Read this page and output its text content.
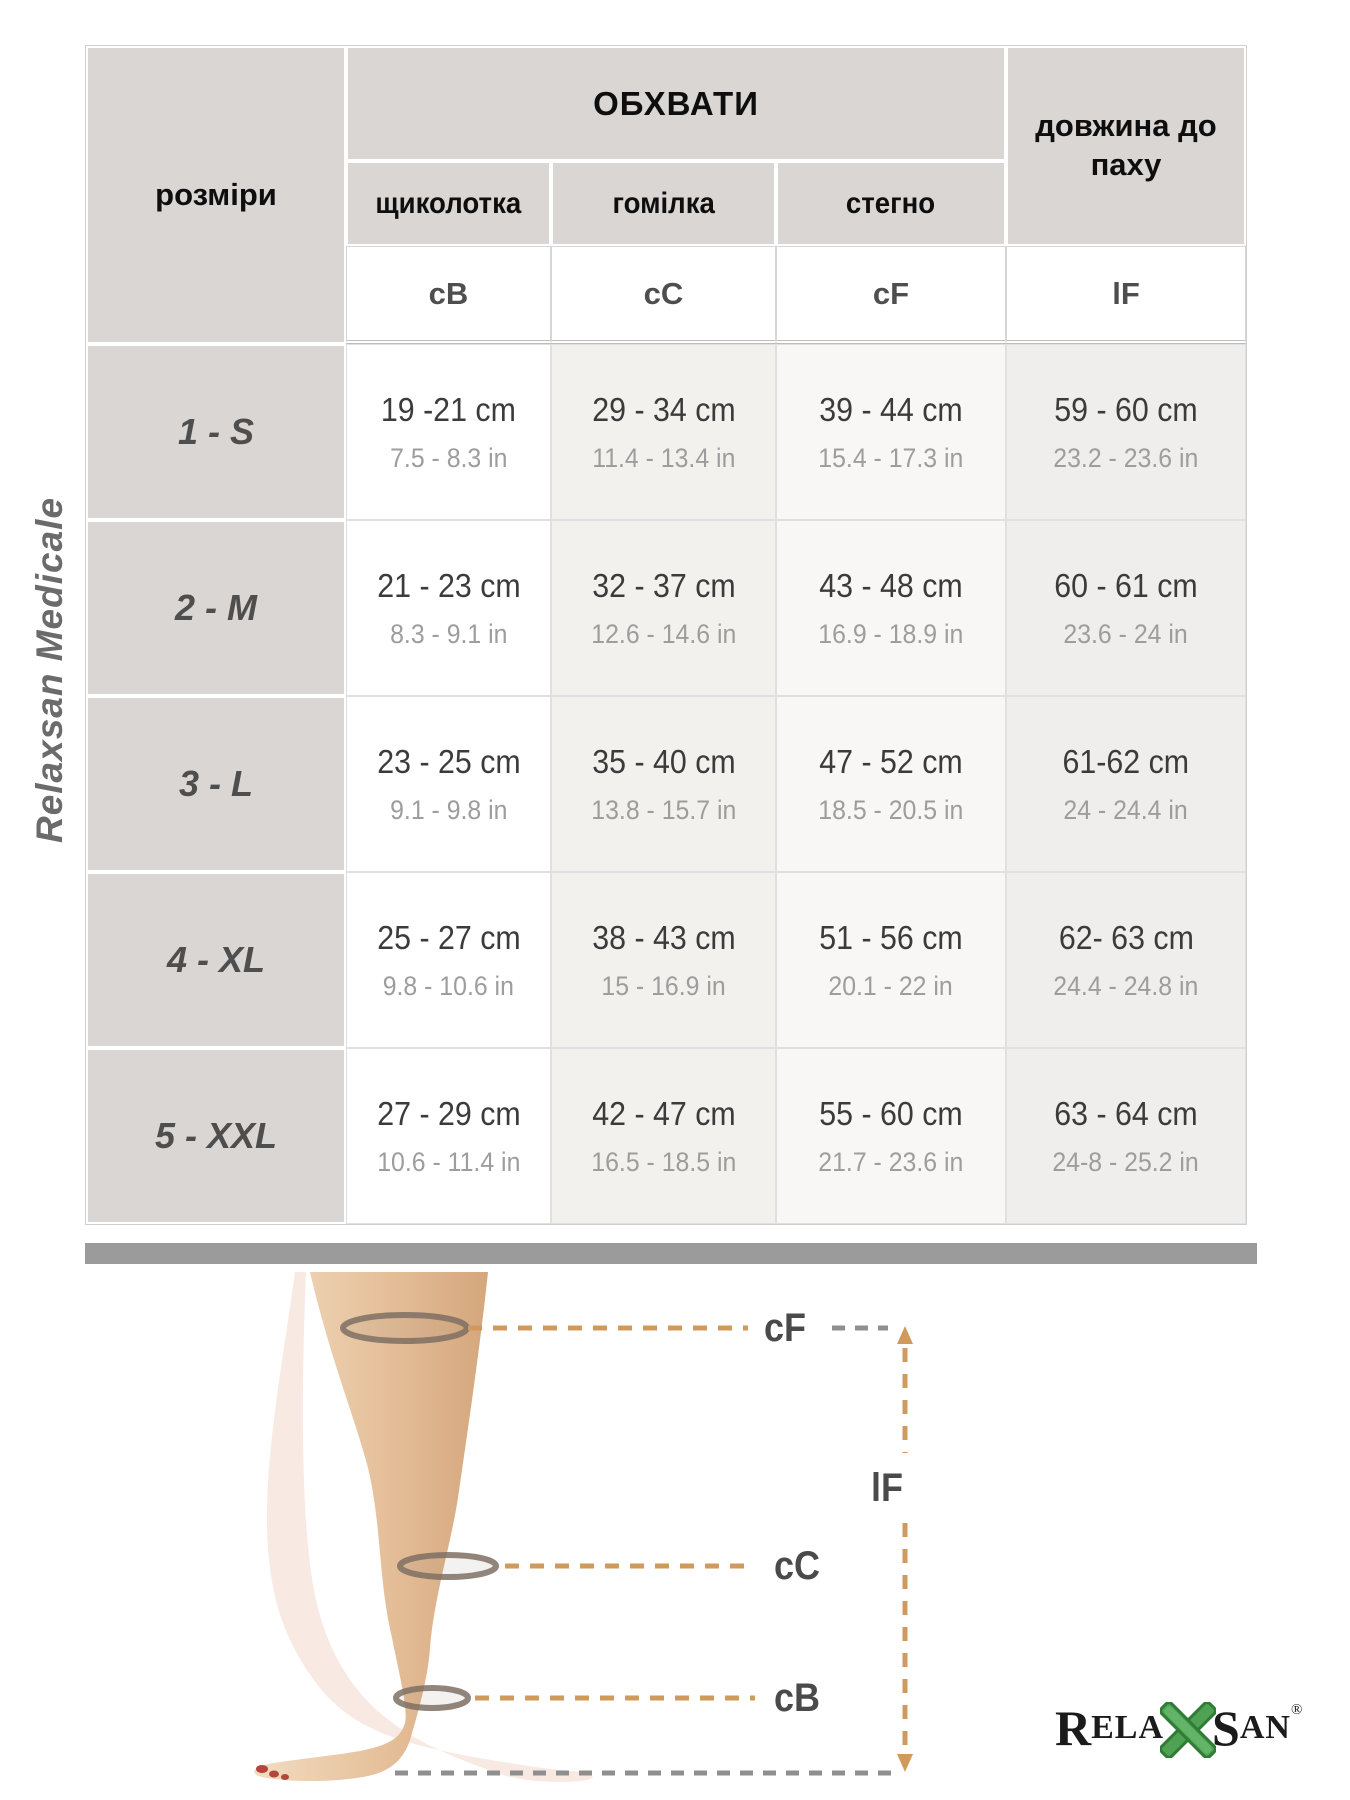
Relaxsan Medicale
розміри
ОБХВАТИ
довжина до паху
щиколотка	гомілка	стегно
cB	cC	cF	lF
1 - S
19 -21 cm
7.5 - 8.3 in
29 - 34 cm
11.4 - 13.4 in
39 - 44 cm
15.4 - 17.3 in
59 - 60 cm
23.2 - 23.6 in
2 - M
21 - 23 cm
8.3 - 9.1 in
32 - 37 cm
12.6 - 14.6 in
43 - 48 cm
16.9 - 18.9 in
60 - 61 cm
23.6 - 24 in
3 - L
23 - 25 cm
9.1 - 9.8 in
35 - 40 cm
13.8 - 15.7 in
47 - 52 cm
18.5 - 20.5 in
61-62 cm
24 - 24.4 in
4 - XL
25 - 27 cm
9.8 - 10.6 in
38 - 43 cm
15 - 16.9 in
51 - 56 cm
20.1 - 22 in
62- 63 cm
24.4 - 24.8 in
5 - XXL
27 - 29 cm
10.6 - 11.4 in
42 - 47 cm
16.5 - 18.5 in
55 - 60 cm
21.7 - 23.6 in
63 - 64 cm
24-8 - 25.2 in
cF
lF
cC
cB
R ELA S AN ®
